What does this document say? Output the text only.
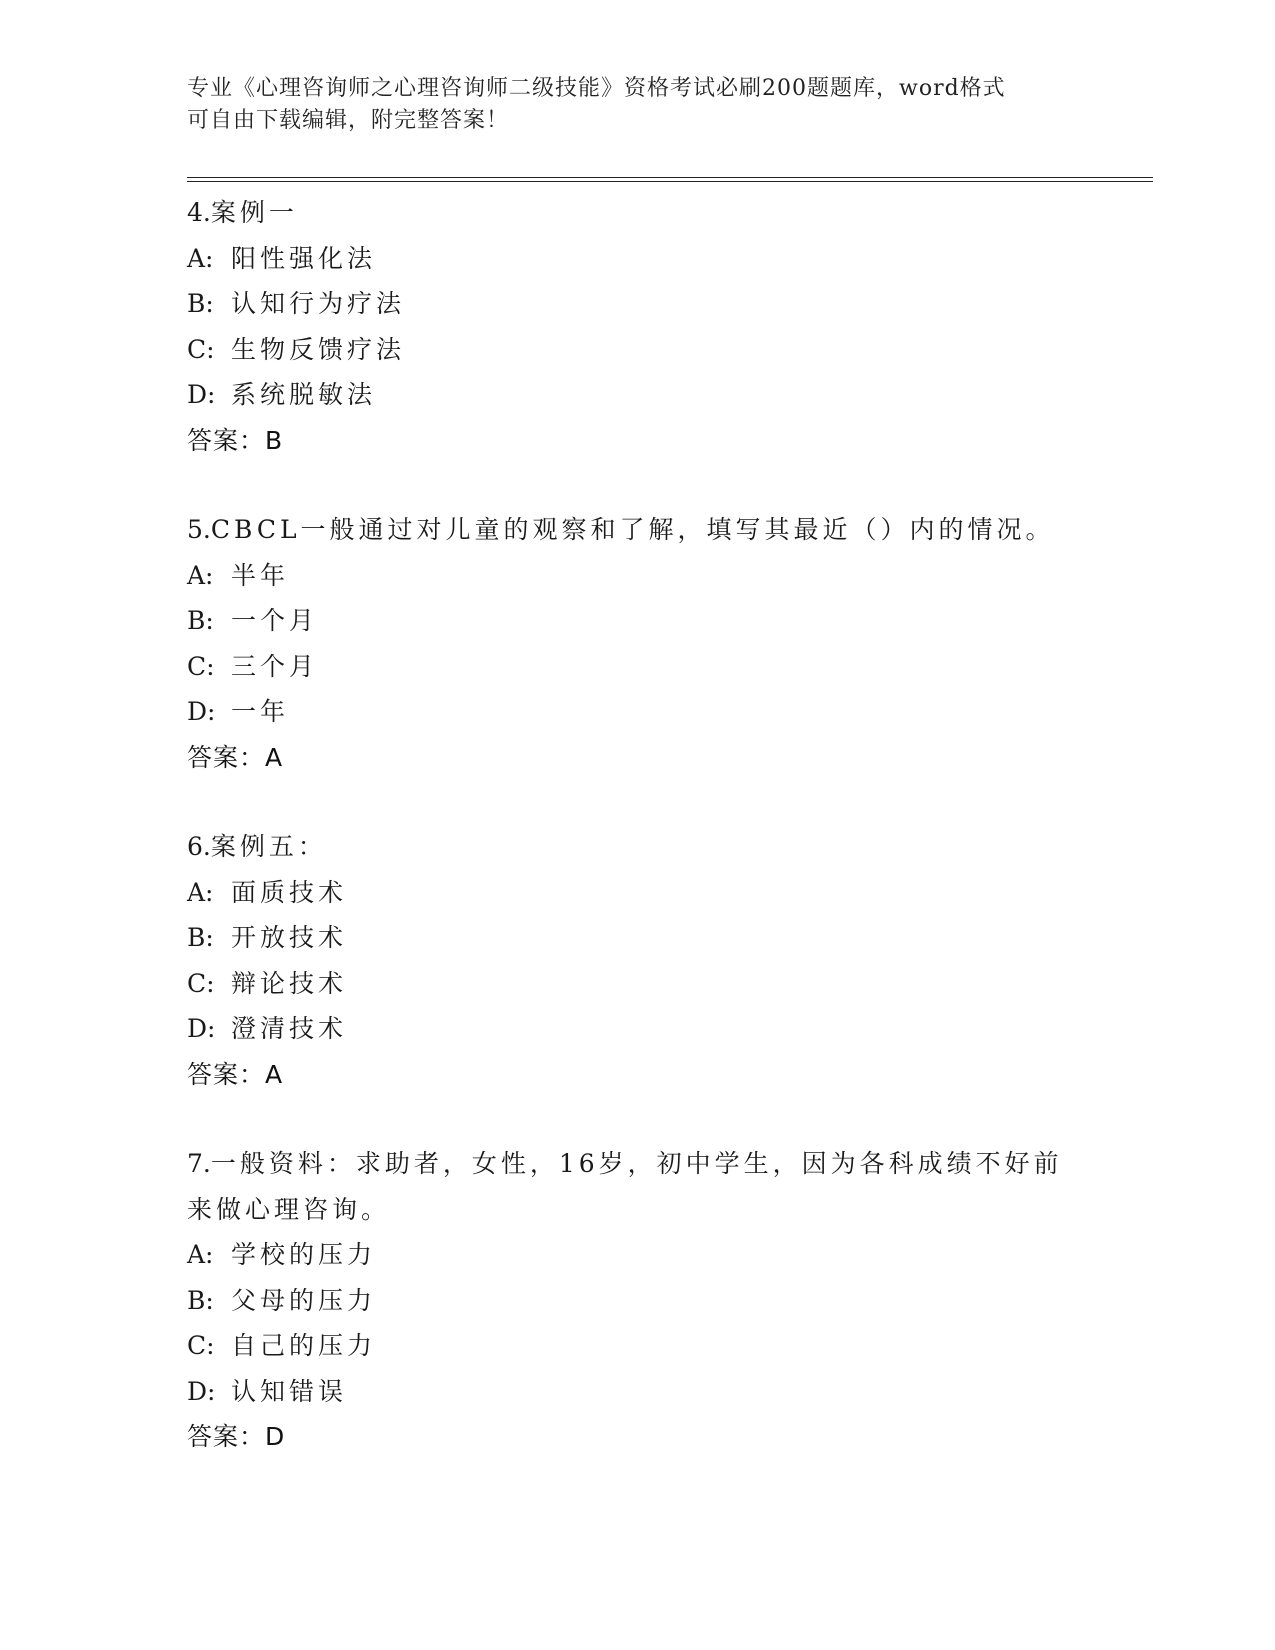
专业《心理咨询师之心理咨询师二级技能》资格考试必刷200题题库，word格式
可自由下载编辑，附完整答案！
4.案例一
A: 阳性强化法
B: 认知行为疗法
C: 生物反馈疗法
D: 系统脱敏法
答案：B
5.CBCL一般通过对儿童的观察和了解，填写其最近（）内的情况。
A: 半年
B: 一个月
C: 三个月
D: 一年
答案：A
6.案例五：
A: 面质技术
B: 开放技术
C: 辩论技术
D: 澄清技术
答案：A
7.一般资料：求助者，女性，16岁，初中学生，因为各科成绩不好前
来做心理咨询。
A: 学校的压力
B: 父母的压力
C: 自己的压力
D: 认知错误
答案：D
